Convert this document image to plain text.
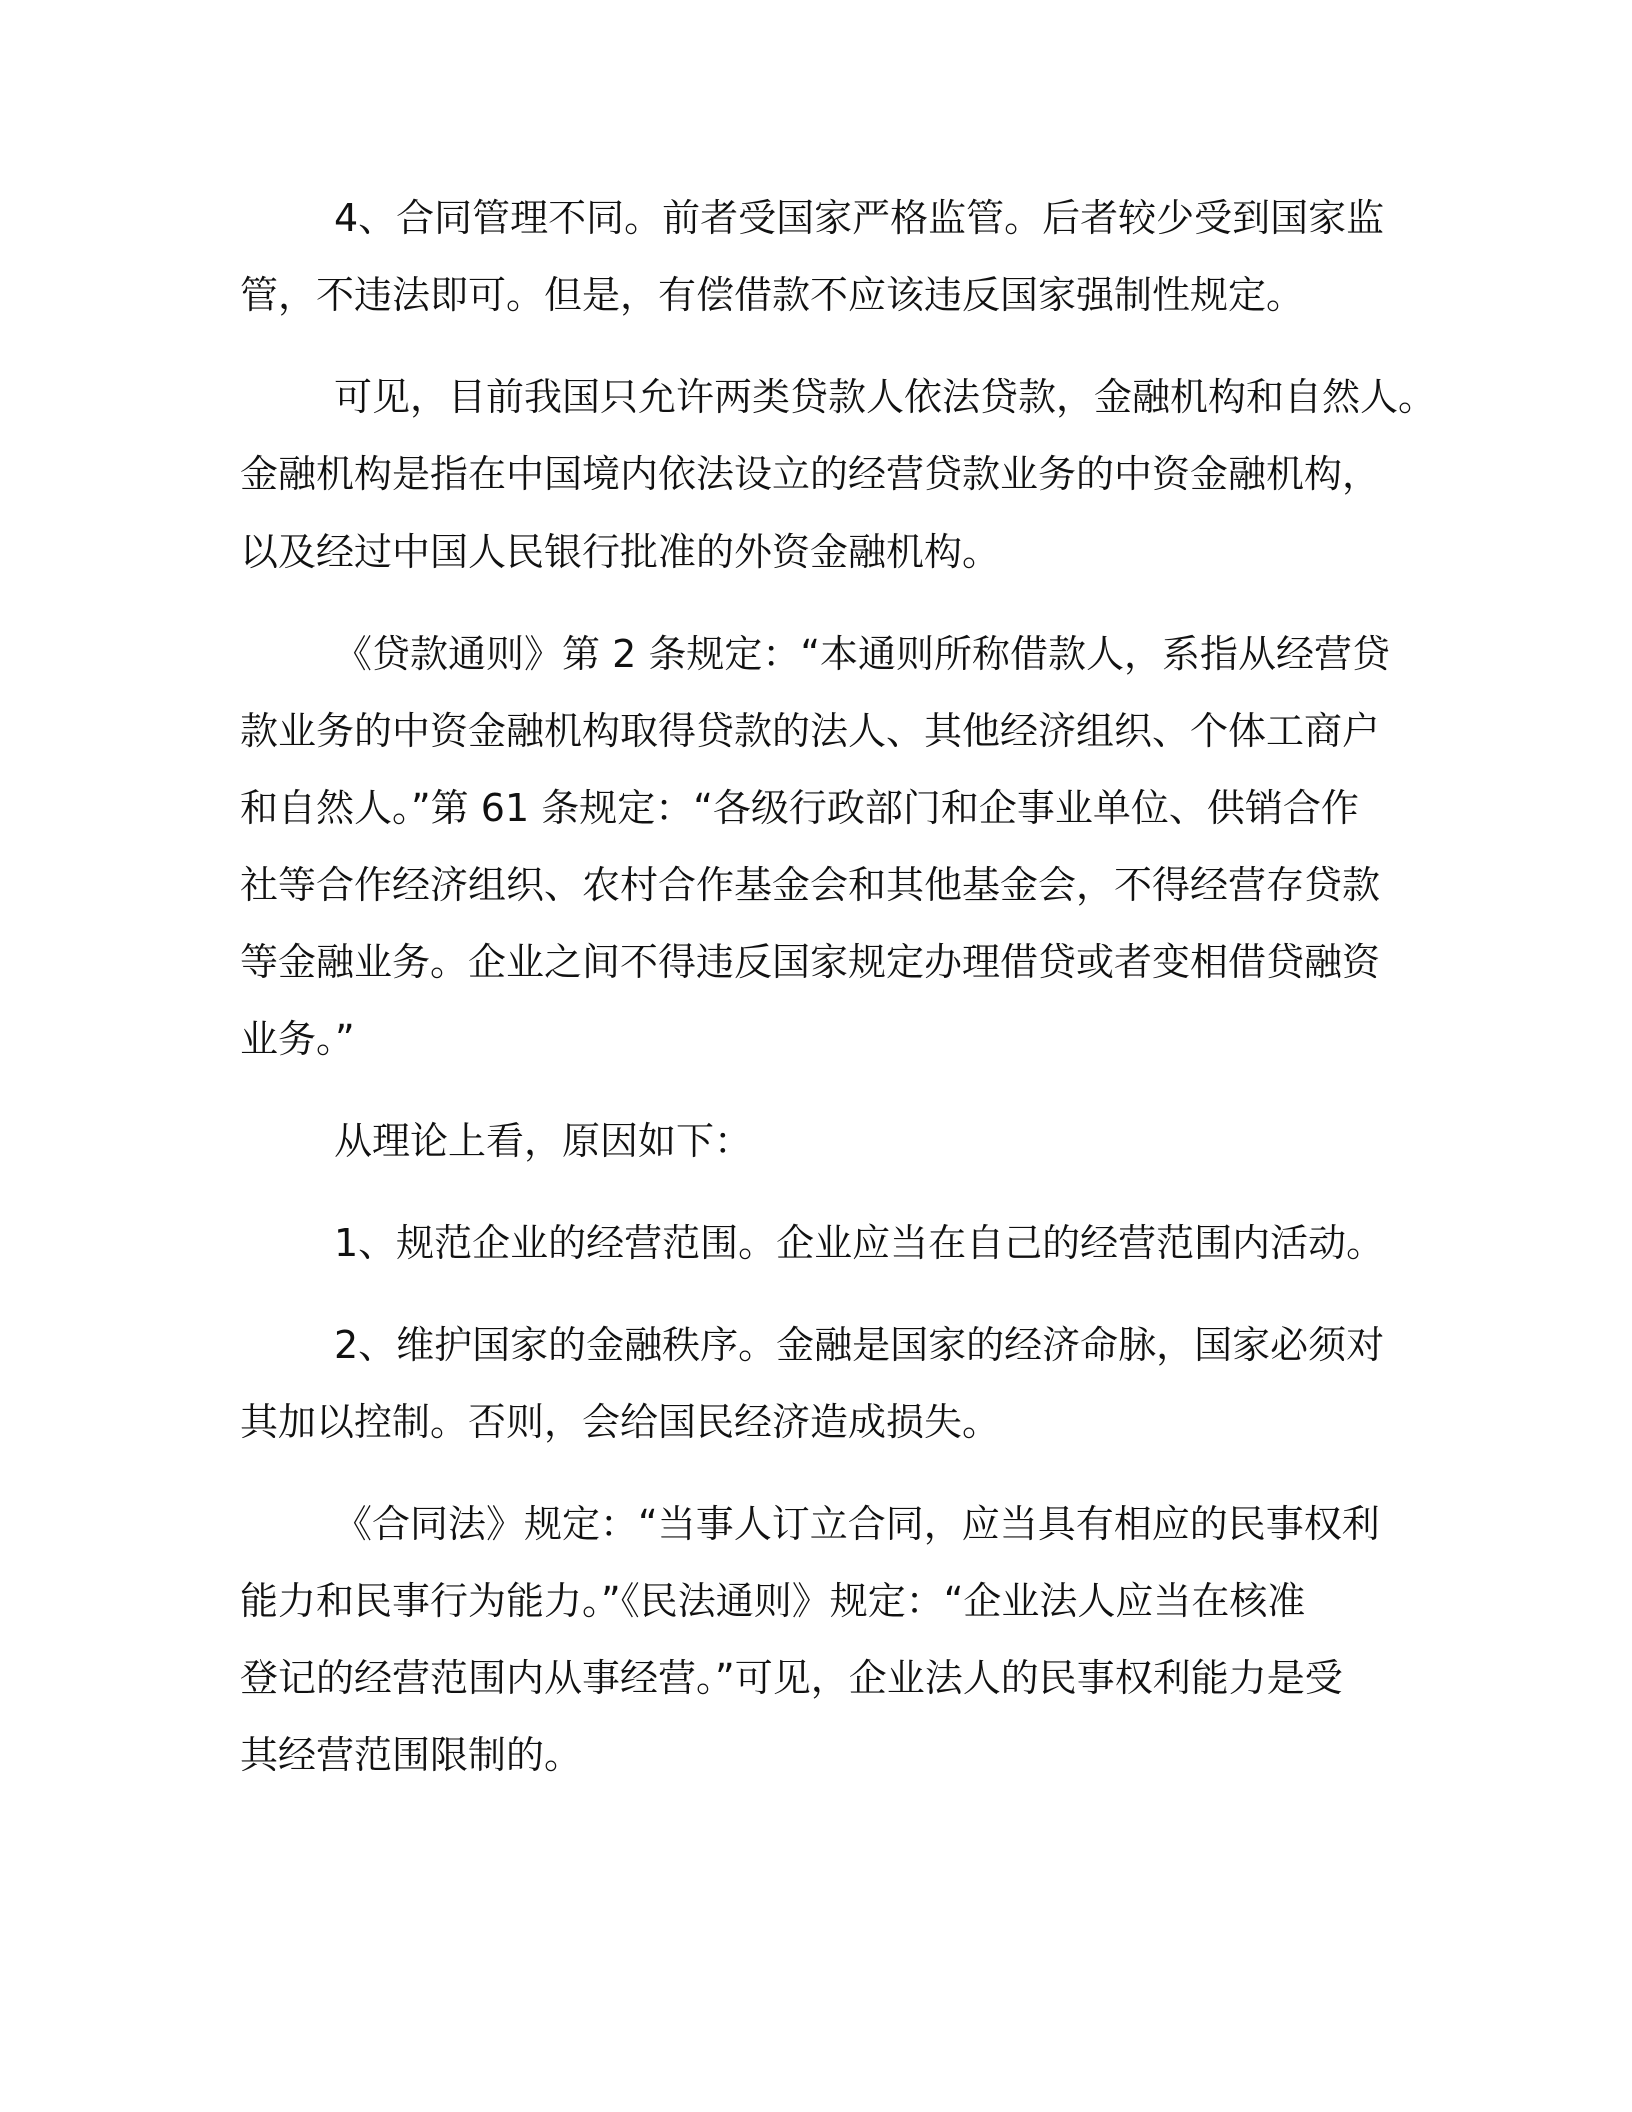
4、合同管理不同。前者受国家严格监管。后者较少受到国家监
管，不违法即可。但是，有偿借款不应该违反国家强制性规定。
可见，目前我国只允许两类贷款人依法贷款，金融机构和自然人。
金融机构是指在中国境内依法设立的经营贷款业务的中资金融机构，
以及经过中国人民银行批准的外资金融机构。
《贷款通则》第 2 条规定：“本通则所称借款人，系指从经营贷
款业务的中资金融机构取得贷款的法人、其他经济组织、个体工商户
和自然人。”第 61 条规定：“各级行政部门和企事业单位、供销合作
社等合作经济组织、农村合作基金会和其他基金会，不得经营存贷款
等金融业务。企业之间不得违反国家规定办理借贷或者变相借贷融资
业务。”
从理论上看，原因如下：
1、规范企业的经营范围。企业应当在自己的经营范围内活动。
2、维护国家的金融秩序。金融是国家的经济命脉，国家必须对
其加以控制。否则，会给国民经济造成损失。
《合同法》规定：“当事人订立合同，应当具有相应的民事权利
能力和民事行为能力。”《民法通则》规定：“企业法人应当在核准
登记的经营范围内从事经营。”可见，企业法人的民事权利能力是受
其经营范围限制的。
